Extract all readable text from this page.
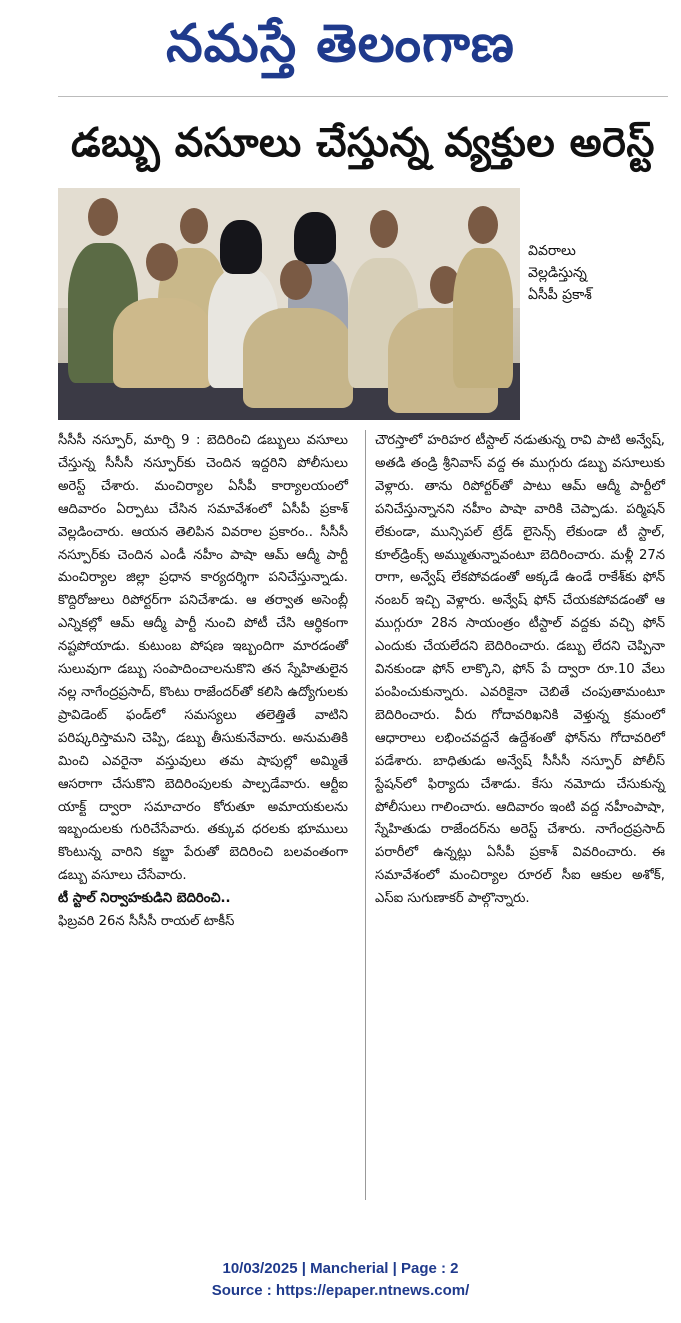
నమస్తే తెలంగాణ
డబ్బు వసూలు చేస్తున్న వ్యక్తుల అరెస్ట్
వివరాలు
వెల్లడిస్తున్న
ఏసీపీ ప్రకాశ్
సీసీసీ నస్పూర్, మార్చి 9 : బెదిరించి డబ్బులు వసూలు చేస్తున్న సీసీసీ నస్పూర్‌కు చెందిన ఇద్దరిని పోలీసులు అరెస్ట్ చేశారు. మంచిర్యాల ఏసీపీ కార్యాలయంలో ఆదివారం ఏర్పాటు చేసిన సమావేశంలో ఏసీపీ ప్రకాశ్ వెల్లడించారు. ఆయన తెలిపిన వివరాల ప్రకారం.. సీసీసీ నస్పూర్‌కు చెందిన ఎండీ నహీం పాషా ఆమ్ ఆద్మీ పార్టీ మంచిర్యాల జిల్లా ప్రధాన కార్యదర్శిగా పనిచేస్తున్నాడు. కొద్దిరోజులు రిపోర్టర్‌గా పనిచేశాడు. ఆ తర్వాత అసెంబ్లీ ఎన్నికల్లో ఆమ్ ఆద్మీ పార్టీ నుంచి పోటీ చేసి ఆర్థికంగా నష్టపోయాడు. కుటుంబ పోషణ ఇబ్బందిగా మారడంతో సులువుగా డబ్బు సంపాదించాలనుకొని తన స్నేహితులైన నల్ల నాగేంద్రప్రసాద్, కొంటు రాజేందర్‌తో కలిసి ఉద్యోగులకు ప్రావిడెంట్ ఫండ్‌లో సమస్యలు తలెత్తితే వాటిని పరిష్కరిస్తామని చెప్పి, డబ్బు తీసుకునేవారు. అనుమతికి మించి ఎవరైనా వస్తువులు తమ షాపుల్లో అమ్మితే ఆసరాగా చేసుకొని బెదిరింపులకు పాల్పడేవారు. ఆర్టీఐ యాక్ట్ ద్వారా సమాచారం కోరుతూ అమాయకులను ఇబ్బందులకు గురిచేసేవారు. తక్కువ ధరలకు భూములు కొంటున్న వారిని కబ్జా పేరుతో బెదిరించి బలవంతంగా డబ్బు వసూలు చేసేవారు.
టీ స్టాల్ నిర్వాహకుడిని బెదిరించి..
ఫిబ్రవరి 26న సీసీసీ రాయల్ టాకీస్
చౌరస్తాలో హరిహర టీస్టాల్ నడుతున్న రావి పాటి అన్వేష్, అతడి తండ్రి శ్రీనివాస్ వద్ద ఈ ముగ్గురు డబ్బు వసూలుకు వెళ్లారు. తాను రిపోర్టర్‌తో పాటు ఆమ్ ఆద్మీ పార్టీలో పనిచేస్తున్నానని నహీం పాషా వారికి చెప్పాడు. పర్మిషన్ లేకుండా, మున్సిపల్ ట్రేడ్ లైసెన్స్ లేకుండా టీ స్టాల్, కూల్‌డ్రింక్స్ అమ్ముతున్నావంటూ బెదిరించారు. మళ్లీ 27న రాగా, అన్వేష్ లేకపోవడంతో అక్కడే ఉండే రాకేశ్‌కు ఫోన్ నంబర్ ఇచ్చి వెళ్లారు. అన్వేష్ ఫోన్ చేయకపోవడంతో ఆ ముగ్గురూ 28న సాయంత్రం టీస్టాల్ వద్దకు వచ్చి ఫోన్ ఎందుకు చేయలేదని బెదిరించారు. డబ్బు లేదని చెప్పినా వినకుండా ఫోన్ లాక్కొని, ఫోన్ పే ద్వారా రూ.10 వేలు పంపించుకున్నారు. ఎవరికైనా చెబితే చంపుతామంటూ బెదిరించారు. వీరు గోదావరిఖనికి వెళ్తున్న క్రమంలో ఆధారాలు లభించవద్దనే ఉద్దేశంతో ఫోన్‌ను గోదావరిలో పడేశారు. బాధితుడు అన్వేష్ సీసీసీ నస్పూర్ పోలీస్ స్టేషన్‌లో ఫిర్యాదు చేశాడు. కేసు నమోదు చేసుకున్న పోలీసులు గాలించారు. ఆదివారం ఇంటి వద్ద నహీంపాషా, స్నేహితుడు రాజేందర్‌ను అరెస్ట్ చేశారు. నాగేంద్రప్రసాద్ పరారీలో ఉన్నట్లు ఏసీపీ ప్రకాశ్ వివరించారు. ఈ సమావేశంలో మంచిర్యాల రూరల్ సీఐ ఆకుల అశోక్, ఎస్ఐ సుగుణాకర్ పాల్గొన్నారు.
10/03/2025 | Mancherial | Page : 2
Source : https://epaper.ntnews.com/
